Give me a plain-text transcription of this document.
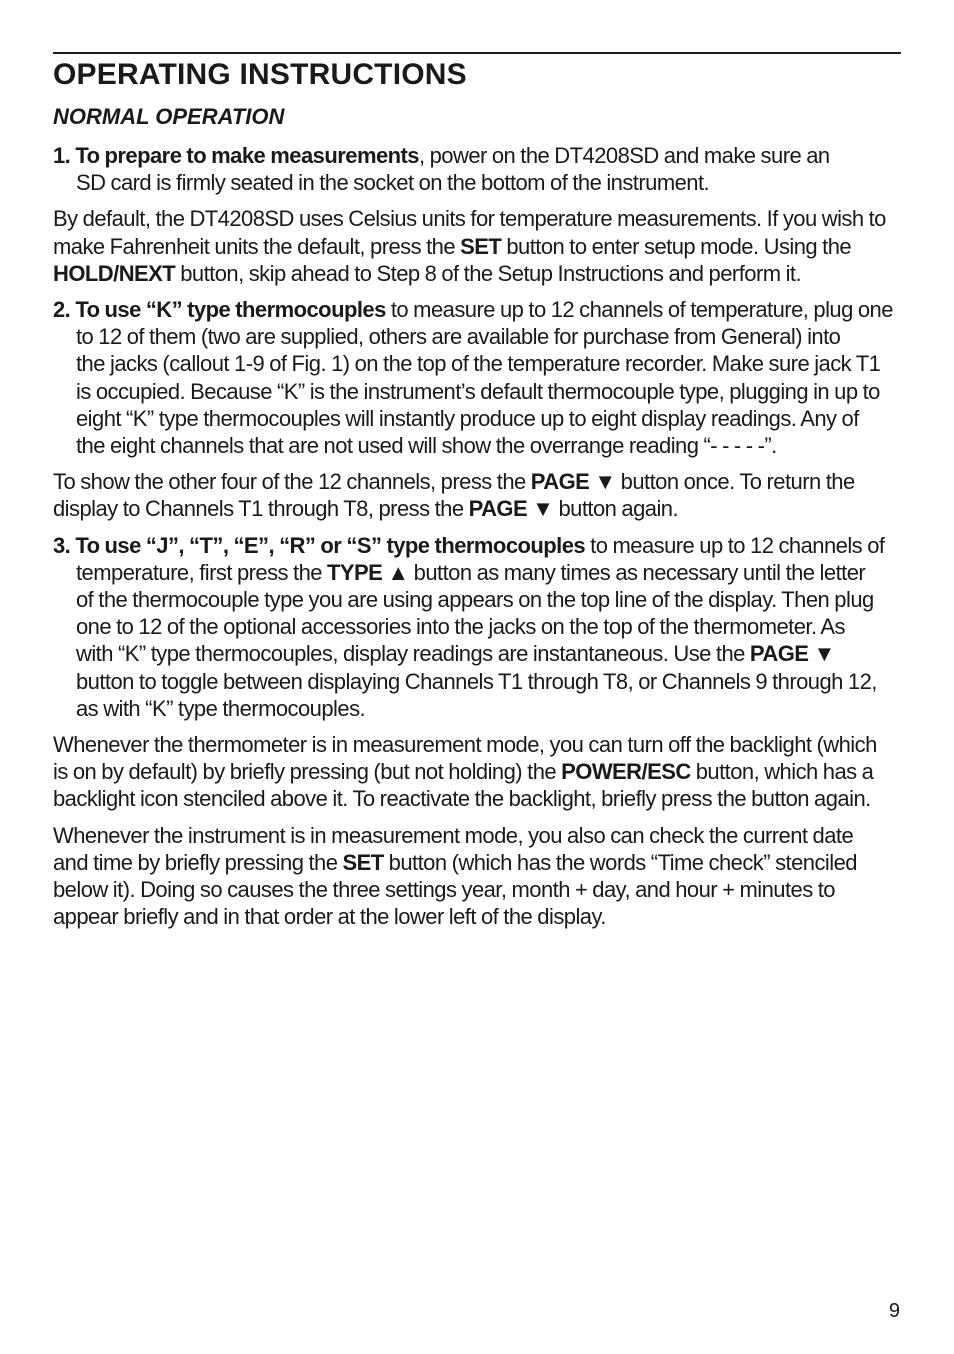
OPERATING INSTRUCTIONS
NORMAL OPERATION

1. To prepare to make measurements, power on the DT4208SD and make sure an

SD card is firmly seated in the socket on the bottom of the instrument.

By default, the DT4208SD uses Celsius units for temperature measurements. If you wish to

make Fahrenheit units the default, press the SET button to enter setup mode. Using the

HOLD/NEXT button, skip ahead to Step 8 of the Setup Instructions and perform it.

2. To use “K” type thermocouples to measure up to 12 channels of temperature, plug one

to 12 of them (two are supplied, others are available for purchase from General) into

the jacks (callout 1-9 of Fig. 1) on the top of the temperature recorder. Make sure jack T1

is occupied. Because “K” is the instrument’s default thermocouple type, plugging in up to

eight “K” type thermocouples will instantly produce up to eight display readings. Any of

the eight channels that are not used will show the overrange reading “- - - - -”.

To show the other four of the 12 channels, press the PAGE ▼ button once. To return the

display to Channels T1 through T8, press the PAGE ▼ button again.

3. To use “J”, “T”, “E”, “R” or “S” type thermocouples to measure up to 12 channels of

temperature, first press the TYPE ▲ button as many times as necessary until the letter

of the thermocouple type you are using appears on the top line of the display. Then plug

one to 12 of the optional accessories into the jacks on the top of the thermometer. As

with “K” type thermocouples, display readings are instantaneous. Use the PAGE ▼

button to toggle between displaying Channels T1 through T8, or Channels 9 through 12,

as with “K” type thermocouples.

Whenever the thermometer is in measurement mode, you can turn off the backlight (which

is on by default) by briefly pressing (but not holding) the POWER/ESC button, which has a

backlight icon stenciled above it. To reactivate the backlight, briefly press the button again.

Whenever the instrument is in measurement mode, you also can check the current date

and time by briefly pressing the SET button (which has the words “Time check” stenciled

below it). Doing so causes the three settings year, month + day, and hour + minutes to

appear briefly and in that order at the lower left of the display.

9
